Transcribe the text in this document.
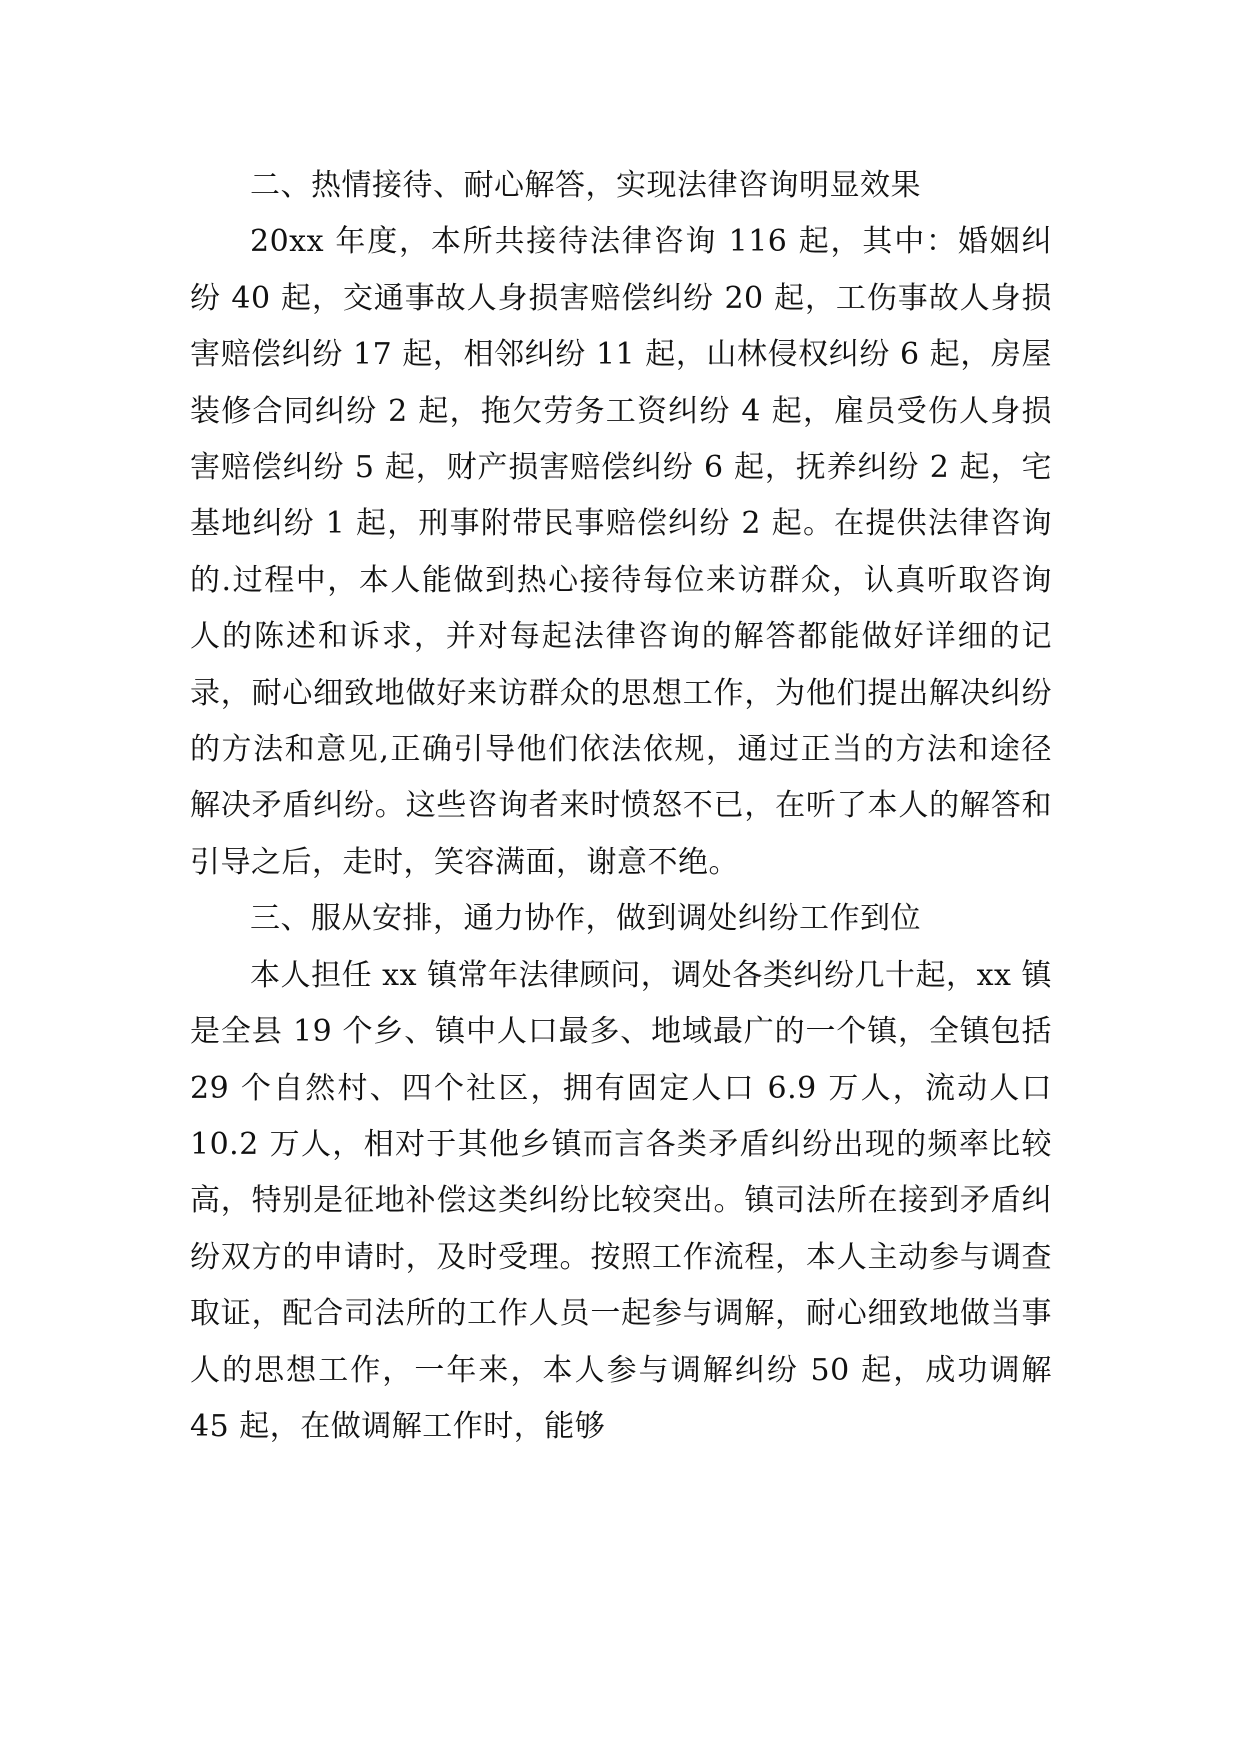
二、热情接待、耐心解答，实现法律咨询明显效果

20xx 年度，本所共接待法律咨询 116 起，其中：婚姻纠纷 40 起，交通事故人身损害赔偿纠纷 20 起，工伤事故人身损害赔偿纠纷 17 起，相邻纠纷 11 起，山林侵权纠纷 6 起，房屋装修合同纠纷 2 起，拖欠劳务工资纠纷 4 起，雇员受伤人身损害赔偿纠纷 5 起，财产损害赔偿纠纷 6 起，抚养纠纷 2 起，宅基地纠纷 1 起，刑事附带民事赔偿纠纷 2 起。在提供法律咨询的.过程中，本人能做到热心接待每位来访群众，认真听取咨询人的陈述和诉求，并对每起法律咨询的解答都能做好详细的记录，耐心细致地做好来访群众的思想工作，为他们提出解决纠纷的方法和意见,正确引导他们依法依规，通过正当的方法和途径解决矛盾纠纷。这些咨询者来时愤怒不已，在听了本人的解答和引导之后，走时，笑容满面，谢意不绝。

三、服从安排，通力协作，做到调处纠纷工作到位

本人担任 xx 镇常年法律顾问，调处各类纠纷几十起，xx 镇是全县 19 个乡、镇中人口最多、地域最广的一个镇，全镇包括 29 个自然村、四个社区，拥有固定人口 6.9 万人，流动人口 10.2 万人，相对于其他乡镇而言各类矛盾纠纷出现的频率比较高，特别是征地补偿这类纠纷比较突出。镇司法所在接到矛盾纠纷双方的申请时，及时受理。按照工作流程，本人主动参与调查取证，配合司法所的工作人员一起参与调解，耐心细致地做当事人的思想工作，一年来，本人参与调解纠纷 50 起，成功调解 45 起，在做调解工作时，能够
